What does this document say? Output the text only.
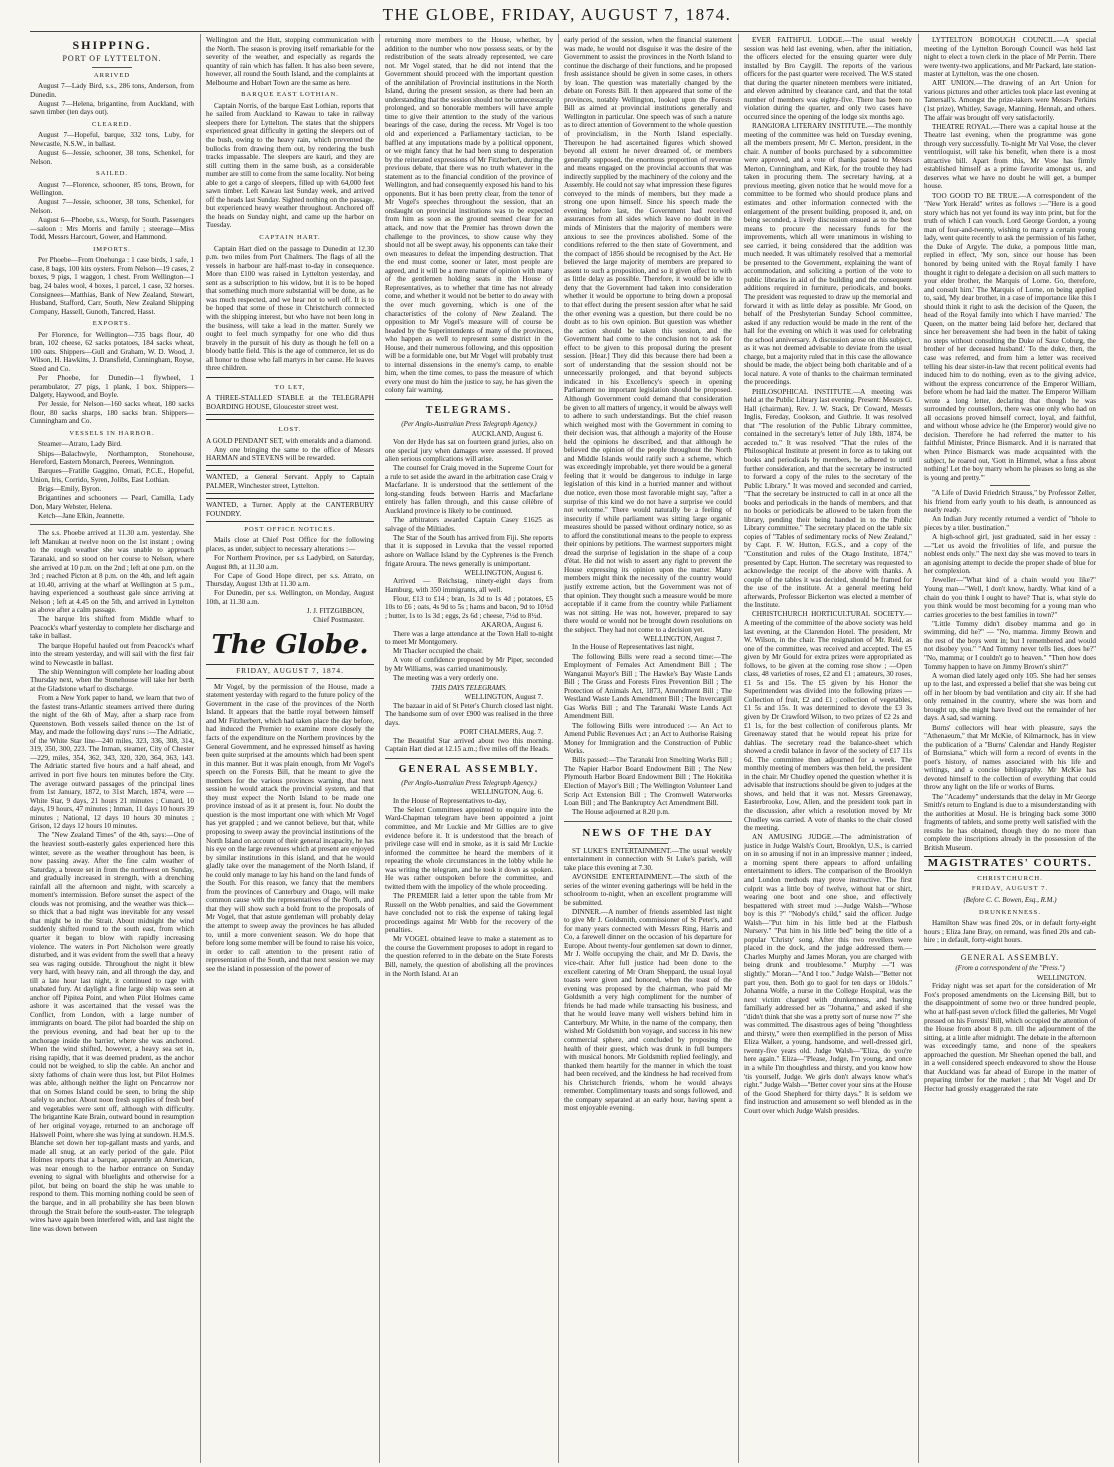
THE GLOBE, FRIDAY, AUGUST 7, 1874.
SHIPPING.
PORT OF LYTTELTON.
ARRIVED

August 7—Lady Bird, s.s., 286 tons, Anderson, from Dunedin.

August 7—Helena, brigantine, from Auckland, with sawn timber (ten days out).

CLEARED.

August 7—Hopeful, barque, 332 tons, Luby, for Newcastle, N.S.W., in ballast.

August 6—Jessie, schooner, 38 tons, Schenkel, for Nelson.

SAILED.

August 7—Florence, schooner, 85 tons, Brown, for Wellington.

August 7—Jessie, schooner, 38 tons, Schenkel, for Nelson.

August 6—Phoebe, s.s., Worsp, for South. Passengers—saloon : Mrs Morris and family ; steerage—Miss Todd, Messrs Harcourt, Gower, and Hammond.

IMPORTS.

Per Phoebe—From Onehunga : 1 case birds, 1 safe, 1 case, 8 bags, 100 kits oysters. From Nelson—19 cases, 2 boxes, 9 pigs, 1 waggon, 1 chest. From Wellington—1 bag, 24 bales wool, 4 boxes, 1 parcel, 1 case, 32 horses. Consignees—Matthias, Bank of New Zealand, Stewart, Husband, Stafford, Carr, South, New Zealand Shipping Company, Hassell, Gunoth, Tancred, Hasst.

EXPORTS.

Per Florence, for Wellington—735 bags flour, 40 bran, 102 cheese, 62 sacks potatoes, 184 sacks wheat, 100 oats. Shippers—Gull and Graham, W. D. Wood, J. Wilson, H. Hawkins, J. Dransfield, Cunningham, Royse, Steed and Co.

Per Phoebe, for Dunedin—1 flywheel, 1 perambulator, 27 pigs, 1 plank, 1 box. Shippers—Dalgety, Haywood, and Boyle.

Per Jessie, for Nelson—160 sacks wheat, 180 sacks flour, 80 sacks sharps, 180 sacks bran. Shippers—Cunningham and Co.

VESSELS IN HARBOR.

Steamer—Atrato, Lady Bird.

Ships—Balachwyle, Northampton, Stonehouse, Hereford, Eastern Monarch, Peerees, Wennington.

Barques—Fratille Gaggino, Ornati, P.C.E., Hopeful, Union, Iris, Corrido, Syren, Jolibs, East Lothian.

Brigs—Emily, Byron.

Brigantines and schooners — Pearl, Camilla, Lady Don, Mary Webster, Helena.

Ketch—Jane Elkin, Jeannette.

The s.s. Phoebe arrived at 11.30 a.m. yesterday. She left Manukau at twelve noon on the 1st instant ; owing to the rough weather she was unable to approach Taranaki, and so stood on her course to Nelson, where she arrived at 10 p.m. on the 2nd ; left at one p.m. on the 3rd ; reached Picton at 8 p.m. on the 4th, and left again at 10.40, arriving at the wharf at Wellington at 5 p.m., having experienced a southeast gale since arriving at Nelson ; left at 4.45 on the 5th, and arrived in Lyttelton as above after a calm passage.

The barque Iris shifted from Middle wharf to Peacock's wharf yesterday to complete her discharge and take in ballast.

The barque Hopeful hauled out from Peacock's wharf into the stream yesterday, and will sail with the first fair wind to Newcastle in ballast.

The ship Wennington will complete her loading about Thursday next, when the Stonehouse will take her berth at the Gladstone wharf to discharge.

From a New York paper to hand, we learn that two of the fastest trans-Atlantic steamers arrived there during the night of the 6th of May, after a sharp race from Queenstown. Both vessels sailed thence on the 1st of May, and made the following days' runs :—The Adriatic, of the White Star line—240 miles, 323, 336, 308, 314, 319, 350, 300, 223. The Inman, steamer, City of Chester—229, miles, 354, 362, 343, 320, 320, 364, 363, 143. The Adriatic started five hours and a half ahead, and arrived in port five hours ten minutes before the City. The average outward passages of the principal lines from 1st January, 1872, to 31st March, 1874, were —White Star, 9 days, 21 hours 21 minutes ; Cunard, 10 days, 19 hours, 47 minutes ; Inman, 11 days 10 hours 39 minutes ; National, 12 days 10 hours 30 minutes ; Grison, 12 days 12 hours 10 minutes.

The "New Zealand Times" of the 4th, says:—One of the heaviest south-easterly gales experienced here this winter, severe as the weather throughout has been, is now passing away. After the fine calm weather of Saturday, a breeze set in from the northwest on Sunday, and gradually increased in strength, with a drenching rainfall all the afternoon and night, with scarcely a moment's intermission. Before sunset the aspect of the clouds was not promising, and the weather was thick—so thick that a bad night was inevitable for any vessel that might be in the Strait. About midnight the wind suddenly shifted round to the south east, from which quarter it began to blow with rapidly increasing violence. The waters in Port Nicholson were greatly disturbed, and it was evident from the swell that a heavy sea was raging outside. Throughout the night it blew very hard, with heavy rain, and all through the day, and till a late hour last night, it continued to rage with unabated fury. At daylight a fine large ship was seen at anchor off Pipitea Point, and when Pilot Holmes came ashore it was ascertained that the vessel was the Conflict, from London, with a large number of immigrants on board. The pilot had boarded the ship on the previous evening, and had beat her up to the anchorage inside the barrier, where she was anchored. When the wind shifted, however, a heavy sea set in, rising rapidly, that it was deemed prudent, as the anchor could not be weighed, to slip the cable. An anchor and sixty fathoms of chain were thus lost, but Pilot Holmes was able, although neither the light on Pencarrow nor that on Somes Island could be seen, to bring the ship safely to anchor. About noon fresh supplies of fresh beef and vegetables were sent off, although with difficulty. The brigantine Kate Brain, outward bound in resumption of her original voyage, returned to an anchorage off Halswell Point, where she was lying at sundown. H.M.S. Blanche set down her top-gallant masts and yards, and made all snug, at an early period of the gale. Pilot Holmes reports that a barque, apparently an American, was near enough to the harbor entrance on Sunday evening to signal with bluelights and otherwise for a pilot, but being on board the ship he was unable to respond to them. This morning nothing could be seen of the barque, and in all probability she has been blown through the Strait before the south-easter. The telegraph wires have again been interfered with, and last night the line was down between

Wellington and the Hutt, stopping communication with the North. The season is proving itself remarkable for the severity of the weather, and especially as regards the quantity of rain which has fallen. It has also been severe, however, all round the South Island, and the complaints at Melbourne and Hobart Town are the same as here.

BARQUE EAST LOTHIAN.

Captain Norris, of the barque East Lothian, reports that he sailed from Auckland to Kawau to take in railway sleepers there for Lyttelton. The states that the shippers experienced great difficulty in getting the sleepers out of the bush, owing to the heavy rain, which prevented the bullocks from drawing them out, by rendering the bush tracks impassable. The sleepers are kauri, and they are still cutting them in the same bush, as a considerable number are still to come from the same locality. Not being able to get a cargo of sleepers, filled up with 64,000 feet sawn timber. Left Kawau last Sunday week, and arrived off the heads last Sunday. Sighted nothing on the passage, but experienced heavy weather throughout. Anchored off the heads on Sunday night, and came up the harbor on Tuesday.

CAPTAIN HART.

Captain Hart died on the passage to Dunedin at 12.30 p.m. two miles from Port Chalmers. The flags of all the vessels in harbour are half-mast to-day in consequence. More than £100 was raised in Lyttelton yesterday, and sent as a subscription to his widow, but it is to be hoped that something much more substantial will be done, as he was much respected, and we hear not to well off. It is to be hoped that some of those in Christchurch connected with the shipping interest, but who have not been long in the business, will take a lead in the matter. Surely we ought to feel much sympathy for one who did thus bravely in the pursuit of his duty as though he fell on a bloody battle field. This is the age of commerce, let us do all honor to those who fall martyrs in her cause. He leaves three children.

TO LET,

A THREE-STALLED STABLE at the TELEGRAPH BOARDING HOUSE, Gloucester street west.

LOST.

A GOLD PENDANT SET, with emeralds and a diamond.

Any one bringing the same to the office of Messrs HARMAN and STEVENS will be rewarded.

WANTED, a General Servant. Apply to Captain PALMER, Winchester street, Lyttelton.

WANTED, a Turner. Apply at the CANTERBURY FOUNDRY.

POST OFFICE NOTICES.

Mails close at Chief Post Office for the following places, as under, subject to necessary alterations :—

For Northern Province, per s.s Ladybird, on Saturday, August 8th, at 11.30 a.m.

For Cape of Good Hope direct, per s.s. Atrato, on Thursday, August 13th at 11.30 a.m.

For Dunedin, per s.s. Wellington, on Monday, August 10th, at 11.30 a.m.

J. J. FITZGIBBON,
Chief Postmaster.
The Globe.
FRIDAY, AUGUST 7, 1874.

Mr Vogel, by the permission of the House, made a statement yesterday with regard to the future policy of the Government in the case of the provinces of the North Island. It appears that the battle royal between himself and Mr Fitzherbert, which had taken place the day before, had induced the Premier to examine more closely the facts of the expenditure on the Northern provinces by the General Government, and he expressed himself as having been quite surprised at the amounts which had been spent in this manner. But it was plain enough, from Mr Vogel's speech on the Forests Bill, that he meant to give the members for the various provinces warning, that next session he would attack the provincial system, and that they must expect the North Island to be made one province instead of as it at present is, four. No doubt the question is the most important one with which Mr Vogel has yet grappled ; and we cannot believe, but that, while proposing to sweep away the provincial institutions of the North Island on account of their general incapacity, he has his eye on the large revenues which at present are enjoyed by similar institutions in this island, and that he would gladly take over the management of the North Island, if he could only manage to lay his hand on the land funds of the South. For this reason, we fancy that the members from the provinces of Canterbury and Otago, will make common cause with the representatives of the North, and that they will show such a bold front to the proposals of Mr Vogel, that that astute gentleman will probably delay the attempt to sweep away the provinces he has alluded to, until a more convenient season. We do hope that before long some member will be found to raise his voice, in order to call attention to the present ratio of representation of the South, and that next session we may see the island in possession of the power of

returning more members to the House, whether, by addition to the number who now possess seats, or by the redistribution of the seats already represented, we care not. Mr Vogel stated, that he did not intend that the Government should proceed with the important question of the annihilation of Provincial institutions in the North Island, during the present session, as there had been an understanding that the session should not be unnecessarily prolonged, and so honorable members will have ample time to give their attention to the study of the various bearings of the case, during the recess. Mr Vogel is too old and experienced a Parliamentary tactician, to be baffled at any imputations made by a political opponent, or we might fancy that he had been stung to desperation by the reiterated expressions of Mr Fitzherbert, during the previous debate, that there was no truth whatever in the statement as to the financial condition of the province of Wellington, and had consequently exposed his hand to his opponents. But it has been pretty clear, from the tenor of Mr Vogel's speeches throughout the session, that an onslaught on provincial institutions was to be expected from him as soon as the ground seemed clear for an attack, and now that the Premier has thrown down the challenge to the provinces, to show cause why they should not all be swept away, his opponents can take their own measures to defeat the impending destruction. That the end must come, sooner or later, most people are agreed, and it will be a mere matter of opinion with many of the gentlemen holding seats in the House of Representatives, as to whether that time has not already come, and whether it would not be better to do away with the over much governing, which is one of the characteristics of the colony of New Zealand. The opposition to Mr Vogel's measure will of course be headed by the Superintendents of many of the provinces, who happen as well to represent some district in the House, and their numerous following, and this opposition will be a formidable one, but Mr Vogel will probably trust to internal dissensions in the enemy's camp, to enable him, when the time comes, to pass the measure of which every one must do him the justice to say, he has given the colony fair warning.

TELEGRAMS.
(Per Anglo-Australian Press Telegraph Agency.)
AUCKLAND, August 6.

Von der Hyde has sat on fourteen grand juries, also on one special jury when damages were assessed. If proved alien serious complications will arise.

The counsel for Craig moved in the Supreme Court for a rule to set aside the award in the arbitration case Craig v Macfarlane. It is understood that the settlement of the long-standing feuds between Harris and Macfarlane entirely has fallen through, and this cause célèbre of Auckland province is likely to be continued.

The arbitrators awarded Captain Casey £1625 as salvage of the Miltiades.

The Star of the South has arrived from Fiji. She reports that it is supposed in Levuka that the vessel reported ashore on Wallace Island by the Cyphrenes is the French frigate Aroura. The news generally is unimportant.

WELLINGTON, August 6.

Arrived — Reichstag, ninety-eight days from Hamburg, with 350 immigrants, all well.

Flour, £13 to £14 ; bran, 1s 3d to 1s 4d ; potatoes, £5 10s to £6 ; oats, 4s 9d to 5s ; hams and bacon, 9d to 10½d ; butter, 1s to 1s 3d ; eggs, 2s 6d ; cheese, 7½d to 8½d.

AKAROA, August 6.

There was a large attendance at the Town Hall to-night to meet Mr Montgomery.

Mr Thacker occupied the chair.

A vote of confidence proposed by Mr Piper, seconded by Mr Williams, was carried unanimously.

The meeting was a very orderly one.

THIS DAYS TELEGRAMS.
WELLINGTON, August 7.

The bazaar in aid of St Peter's Church closed last night. The handsome sum of over £900 was realised in the three days.

PORT CHALMERS, Aug. 7.

The Beautiful Star arrived about two this morning. Captain Hart died at 12.15 a.m.; five miles off the Heads.

GENERAL ASSEMBLY.
(Per Anglo-Australian Press Telegraph Agency.)
WELLINGTON, Aug. 6.

In the House of Representatives to-day,

The Select Committees appointed to enquire into the Ward-Chapman telegram have been appointed a joint committee, and Mr Luckie and Mr Gillies are to give evidence before it. It is understood that the breach of privilege case will end in smoke, as it is said Mr Luckie informed the committee he heard the members of it repeating the whole circumstances in the lobby while he was writing the telegram, and he took it down as spoken. He was rather outspoken before the committee, and twitted them with the impolicy of the whole proceeding.

The PREMIER laid a letter upon the table from Mr Russell on the Webb penalties, and said the Government have concluded not to risk the expense of taking legal proceedings against Mr Webb for the recovery of the penalties.

Mr VOGEL obtained leave to make a statement as to the course the Government proposes to adopt in regard to the question referred to in the debate on the State Forests Bill, namely, the question of abolishing all the provinces in the North Island. At an

early period of the session, when the financial statement was made, he would not disguise it was the desire of the Government to assist the provinces in the North Island to continue the discharge of their functions, and he proposed fresh assistance should be given in some cases, in others by loan. The question was materially changed by the debate on Forests Bill. It then appeared that some of the provinces, notably Wellington, looked upon the Forests Bill as aimed at provincial institutions generally and Wellington in particular. One speech was of such a nature as to direct attention of Government to the whole question of provincialism, in the North Island especially. Thereupon he had ascertained figures which showed beyond all extent he never dreamed of, or members generally supposed, the enormous proportion of revenue and means engaged on the provincial accounts that was indirectly supplied by the machinery of the colony and the Assembly. He could not say what impression these figures conveyed to the minds of members, but they made a strong one upon himself. Since his speech made the evening before last, the Government had received assurances from all sides which leave no doubt in the minds of Ministers that the majority of members were anxious to see the provinces abolished. Some of the conditions referred to the then state of Government, and the compact of 1856 should be recognised by the Act. He believed the large majority of members are prepared to assent to such a proposition, and so it given effect to with as little delay as possible. Therefore, it would be idle to deny that the Government had taken into consideration whether it would be opportune to bring down a proposal to that effect during the present session after what he said the other evening was a question, but there could be no doubt as to his own opinion. But question was whether the action should be taken this session, and the Government had come to the conclusion not to ask for effect to be given to this proposal during the present session. [Hear.] They did this because there had been a sort of understanding that the session should not be unnecessarily prolonged, and that beyond subjects indicated in his Excellency's speech in opening Parliament no important legislation should be proposed. Although Government could demand that consideration be given to all matters of urgency, it would be always well to adhere to such understandings. But the chief reason which weighed most with the Government in coming to their decision was, that although a majority of the House held the opinions he described, and that although he believed the opinion of the people throughout the North and Middle Islands would ratify such a scheme, which was exceedingly improbable, yet there would be a general feeling that it would be dangerous to indulge in large legislation of this kind in a hurried manner and without due notice, even those most favorable might say, "after a surprise of this kind we do not have a surprise we could not welcome." There would naturally be a feeling of insecurity if while parliament was sitting large organic measures should be passed without ordinary notice, so as to afford the constitutional means to the people to express their opinions by petitions. The warmest supporters might dread the surprise of legislation in the shape of a coup d'état. He did not wish to assert any right to prevent the House expressing its opinion upon the matter. Many members might think the necessity of the country would justify extreme action, but the Government was not of that opinion. They thought such a measure would be more acceptable if it came from the country while Parliament was not sitting. He was not, however, prepared to say there would or would not be brought down resolutions on the subject. They had not come to a decision yet.

WELLINGTON, August 7.

In the House of Representatives last night,

The following Bills were read a second time:—The Employment of Females Act Amendment Bill ; The Wanganui Mayor's Bill ; The Hawke's Bay Waste Lands Bill ; The Grass and Forests Fires Prevention Bill ; The Protection of Animals Act, 1873, Amendment Bill ; The Westland Waste Lands Amendment Bill ; The Invercargill Gas Works Bill ; and The Taranaki Waste Lands Act Amendment Bill.

The following Bills were introduced :— An Act to Amend Public Revenues Act ; an Act to Authorise Raising Money for Immigration and the Construction of Public Works.

Bills passed:—The Taranaki Iron Smelting Works Bill ; The Napier Harbor Board Endowment Bill ; The New Plymouth Harbor Board Endowment Bill ; The Hokitika Election of Mayor's Bill ; The Wellington Volunteer Land Scrip Act Extension Bill ; The Cromwell Waterworks Loan Bill ; and The Bankruptcy Act Amendment Bill.

The House adjourned at 8.20 p.m.

NEWS OF THE DAY

ST LUKE'S ENTERTAINMENT.—The usual weekly entertainment in connection with St Luke's parish, will take place this evening at 7.30.

AVONSIDE ENTERTAINMENT.—The sixth of the series of the winter evening gatherings will be held in the schoolroom to-night, when an excellent programme will be submitted.

DINNER.—A number of friends assembled last night to give Mr J. Goldsmith, commissioner of St Peter's, and for many years connected with Messrs Ring, Harris and Co, a farewell dinner on the occasion of his departure for Europe. About twenty-four gentlemen sat down to dinner, Mr J. Wolfe occupying the chair, and Mr D. Davis, the vice-chair. After full justice had been done to the excellent catering of Mr Oram Sheppard, the usual loyal toasts were given and honored, when the toast of the evening was proposed by the chairman, who paid Mr Goldsmith a very high compliment for the number of friends he had made while transacting his business, and that he would leave many well wishers behind him in Canterbury. Mr White, in the name of the company, then wished Mr Goldsmith bon voyage, and success in his new commercial sphere, and concluded by proposing the health of their guest, which was drunk in full bumpers with musical honors. Mr Goldsmith replied feelingly, and thanked them heartily for the manner in which the toast had been received, and the kindness he had received from his Christchurch friends, whom he would always remember. Complimentary toasts and songs followed, and the company separated at an early hour, having spent a most enjoyable evening.

EVER FAITHFUL LODGE.—The usual weekly session was held last evening, when, after the initiation, the officers elected for the ensuing quarter were duly installed by Bro Caygill. The reports of the various officers for the past quarter were received. The W.S stated that during the quarter nineteen members were initiated, and eleven admitted by clearance card, and that the total number of members was eighty-five. There has been no violation during the quarter, and only two cases have occurred since the opening of the lodge six months ago.

RANGIORA LITERARY INSTITUTE.—The monthly meeting of the committee was held on Tuesday evening, all the members present, Mr C. Merton, president, in the chair. A number of books purchased by a subcommittee were approved, and a vote of thanks passed to Messrs Merton, Cunningham, and Kirk, for the trouble they had taken in procuring them. The secretary having, at a previous meeting, given notice that he would move for a committee to be formed who should produce plans and estimates and other information connected with the enlargement of the present building, proposed it, and, on being seconded, a lively discussion ensued as to the best means to procure the necessary funds for the improvements, which all were unanimous in wishing to see carried, it being considered that the addition was much needed. It was ultimately resolved that a memorial be presented to the Government, explaining the want of accommodation, and soliciting a portion of the vote to public libraries in aid of the building and the consequent additions required in furniture, periodicals, and books. The president was requested to draw up the memorial and forward it with as little delay as possible. Mr Good, on behalf of the Presbyterian Sunday School committee, asked if any reduction would be made in the rent of the hall for the evening on which it was used for celebrating the school anniversary. A discussion arose on this subject, as it was not deemed advisable to deviate from the usual charge, but a majority ruled that in this case the allowance should be made, the object being both charitable and of a local nature. A vote of thanks to the chairman terminated the proceedings.

PHILOSOPHICAL INSTITUTE.—A meeting was held at the Public Library last evening. Present: Messrs G. Hall (chairman), Rev. J. W. Stack, Dr Coward, Messrs Inglis, Fereday, Cookson, and Guthrie. It was resolved that "The resolution of the Public Library committee, contained in the secretary's letter of July 18th, 1874, be acceded to." It was resolved "That the rules of the Philosophical Institute at present in force as to taking out books and periodicals by members, be adhered to until further consideration, and that the secretary be instructed to forward a copy of the rules to the secretary of the Public Library." It was moved and seconded and carried, "That the secretary be instructed to call in at once all the books and periodicals in the hands of members, and that no books or periodicals be allowed to be taken from the library, pending their being handed in to the Public Library committee." The secretary placed on the table six copies of "Tables of sedimentary rocks of New Zealand," by Capt. F. W. Hutton, F.G.S., and a copy of the "Constitution and rules of the Otago Institute, 1874," presented by Capt. Hutton. The secretary was requested to acknowledge the receipt of the above with thanks. A couple of the tables it was decided, should be framed for the use of the institute. At a general meeting held afterwards, Professor Bickerton was elected a member of the Institute.

CHRISTCHURCH HORTICULTURAL SOCIETY.—A meeting of the committee of the above society was held last evening, at the Clarendon Hotel. The president, Mr W. Wilson, in the chair. The resignation of Mr. Reid, as one of the committee, was received and accepted. The £5 given by Mr Gould for extra prizes were appropriated as follows, to be given at the coming rose show ; —Open class, 48 varieties of roses, £2 and £1 ; amateurs, 30 roses, £1 5s and 15s. The £5 given by his Honor the Superintendent was divided into the following prizes — Collection of fruit, £2 and £1 ; collection of vegetables, £1 5s and 15s. It was determined to devote the £3 3s given by Dr Crawford Wilson, to two prizes of £2 2s and £1 1s, for the best collection of coniferous plants. Mr Greenaway stated that he would repeat his prize for dahlias. The secretary read the balance-sheet which showed a credit balance in favor of the society of £17 11s 6d. The committee then adjourned for a week. The monthly meeting of members was then held, the president in the chair. Mr Chudley opened the question whether it is advisable that instructions should be given to judges at the shows, and held that it was not. Messrs Greenaway, Easterbrooke, Low, Allen, and the president took part in the discussion, after which a resolution moved by Mr Chudley was carried. A vote of thanks to the chair closed the meeting.

AN AMUSING JUDGE.—The administration of justice in Judge Walsh's Court, Brooklyn, U.S., is carried on in so amusing if not in an impressive manner ; indeed, a morning spent there appears to afford unfailing entertainment to idlers. The comparison of the Brooklyn and London methods may prove instructive. The first culprit was a little boy of twelve, without hat or shirt, wearing one boot and one shoe, and effectively bespattered with street mud :—Judge Walsh—"Whose boy is this ?" "Nobody's child," said the officer. Judge Walsh—"Put him in his little bed at the Flatbush Nursery." "Put him in his little bed" being the title of a popular 'Christy' song. After this two revellers were placed in the dock, and the judge addressed them.—Charles Murphy and James Moran, you are charged with being drunk and troublesome." Murphy —"I was slightly." Moran—"And I too." Judge Walsh—"Better not part you, then. Both go to gaol for ten days or 10dols." Johanna Wolfe, a nurse in the College Hospital, was the next victim charged with drunkenness, and having familiarly addressed her as "Johanna," and asked if she "didn't think that she was a pretty sort of nurse now ?" she was committed. The disastrous ages of being "thoughtless and thirsty," were then exemplified in the person of Miss Eliza Walker, a young, handsome, and well-dressed girl, twenty-five years old. Judge Walsh—"Eliza, do you're here again." Eliza—"Please, Judge, I'm young, and once in a while I'm thoughtless and thirsty, and you know how 'tis yourself, Judge. We girls don't always know what's right." Judge Walsh—"Better cover your sins at the House of the Good Shepherd for thirty days." It is seldom we find instruction and amusement so well blended as in the Court over which Judge Walsh presides.

LYTTELTON BOROUGH COUNCIL.—A special meeting of the Lyttelton Borough Council was held last night to elect a town clerk in the place of Mr Perrin. There were twenty-two applications, and Mr Packard, late station-master at Lyttelton, was the one chosen.

ART UNION.—The drawing of an Art Union for various pictures and other articles took place last evening at Tattersall's. Amongst the prize-takers were Messrs Perkins (1st prize), Whitley, Savage, Manning, Hennah, and others. The affair was brought off very satisfactorily.

THEATRE ROYAL.—There was a capital house at the Theatre last evening, when the programme was gone through very successfully. To-night Mr Val Vose, the clever ventriloquist, will take his benefit, when there is a most attractive bill. Apart from this, Mr Vose has firmly established himself as a prime favorite amongst us, and deserves what we have no doubt he will get, a bumper house.

TOO GOOD TO BE TRUE.—A correspondent of the "New York Herald" writes as follows :—"Here is a good story which has not yet found its way into print, but for the truth of which I can vouch. Lord George Gordon, a young man of four-and-twenty, wishing to marry a certain young lady, went quite recently to ask the permission of his father, the Duke of Argyle. The duke, a pompous little man, replied in effect, 'My son, since our house has been honored by being united with the Royal family I have thought it right to delegate a decision on all such matters to your elder brother, the Marquis of Lorne. Go, therefore, and consult him.' The Marquis of Lorne, on being applied to, said, 'My dear brother, in a case of importance like this I should think it right to ask the decision of the Queen, the head of the Royal family into which I have married.' The Queen, on the matter being laid before her, declared that since her bereavement she had been in the habit of taking no steps without consulting the Duke of Saxe Coburg, the brother of her deceased husband.' To the duke, then, the case was referred, and from him a letter was received telling his dear sister-in-law that recent political events had induced him to do nothing, even as to the giving advice, without the express concurrence of the Emperor William, before whom he had laid the matter. The Emperor William wrote a long letter, declaring that though he was surrounded by counsellors, there was one only who had on all occasions proved himself correct, loyal, and faithful, and without whose advice he (the Emperor) would give no decision. Therefore he had referred the matter to his faithful Minister, Prince Bismarck. And it is narrated that when Prince Bismarck was made acquainted with the subject, he roared out, 'Gott in Himmel, what a fuss about nothing! Let the boy marry whom he pleases so long as she is young and pretty.'"

"A Life of David Friedrich Strauss," by Professor Zeller, his friend from early youth to his death, is announced as nearly ready.

An Indian Jury recently returned a verdict of "bhole to pieces by a tiler. bustination."

A high-school girl, just graduated, said in her essay :—"Let us avoid the frivolities of life, and pursue the noblest ends only." The next day she was moved to tears in an agonising attempt to decide the proper shade of blue for her complexion.

Jeweller—"What kind of a chain would you like?" Young man—"Well, I don't know, hardly. What kind of a chain do you think I ought to have? That is, what style do you think would be most becoming for a young man who carries groceries to the best families in town?"

"Little Tommy didn't disobey mamma and go in swimming, did he?" — "No, mamma. Jimmy Brown and the rest of the boys went in; but I remembered and would not disobey you." "And Tommy never tells lies, does he?" "No, mamma; or I couldn't go to heaven." "Then how does Tommy happen to have on Jimmy Brown's shirt?"

A woman died lately aged only 105. She had her senses up to the last, and expressed a belief that she was being cut off in her bloom by bad ventilation and city air. If she had only remained in the country, where she was born and brought up, she might have lived out the remainder of her days. A sad, sad warning.

Burns' collectors will hear with pleasure, says the "Athenaeum," that Mr McKie, of Kilmarnock, has in view the publication of a "Burns' Calendar and Handy Register of Burnsiana," which will form a record of events in the poet's history, of names associated with his life and writings, and a concise bibliography. Mr McKie has devoted himself to the collection of everything that could throw any light on the life or works of Burns.

The "Academy" understands that the delay in Mr George Smith's return to England is due to a misunderstanding with the authorities at Mosul. He is bringing back some 3000 fragments of tablets, and some pretty well satisfied with the results he has obtained, though they do no more than complete the inscriptions already in the possession of the British Museum.

MAGISTRATES' COURTS.
CHRISTCHURCH.
FRIDAY, AUGUST 7.
(Before C. C. Bowen, Esq., R.M.)
DRUNKENNESS.

Hamilton Shaw was fined 20s, or in default forty-eight hours ; Eliza Jane Bray, on remand, was fined 20s and cab-hire ; in default, forty-eight hours.

GENERAL ASSEMBLY.
(From a correspondent of the "Press.")
WELLINGTON.

Friday night was set apart for the consideration of Mr Fox's proposed amendments on the Licensing Bill, but to the disappointment of some two or three hundred people, who at half-past seven o'clock filled the galleries, Mr Vogel pressed on his Forests' Bill, which occupied the attention of the House from about 8 p.m. till the adjournment of the sitting, at a little after midnight. The debate in the afternoon was exceedingly tame, and none of the speakers approached the question. Mr Sheehan opened the ball, and in a well considered speech endeavored to show the House that Auckland was far ahead of Europe in the matter of preparing timber for the market ; that Mr Vogel and Dr Hector had grossly exaggerated the rate
